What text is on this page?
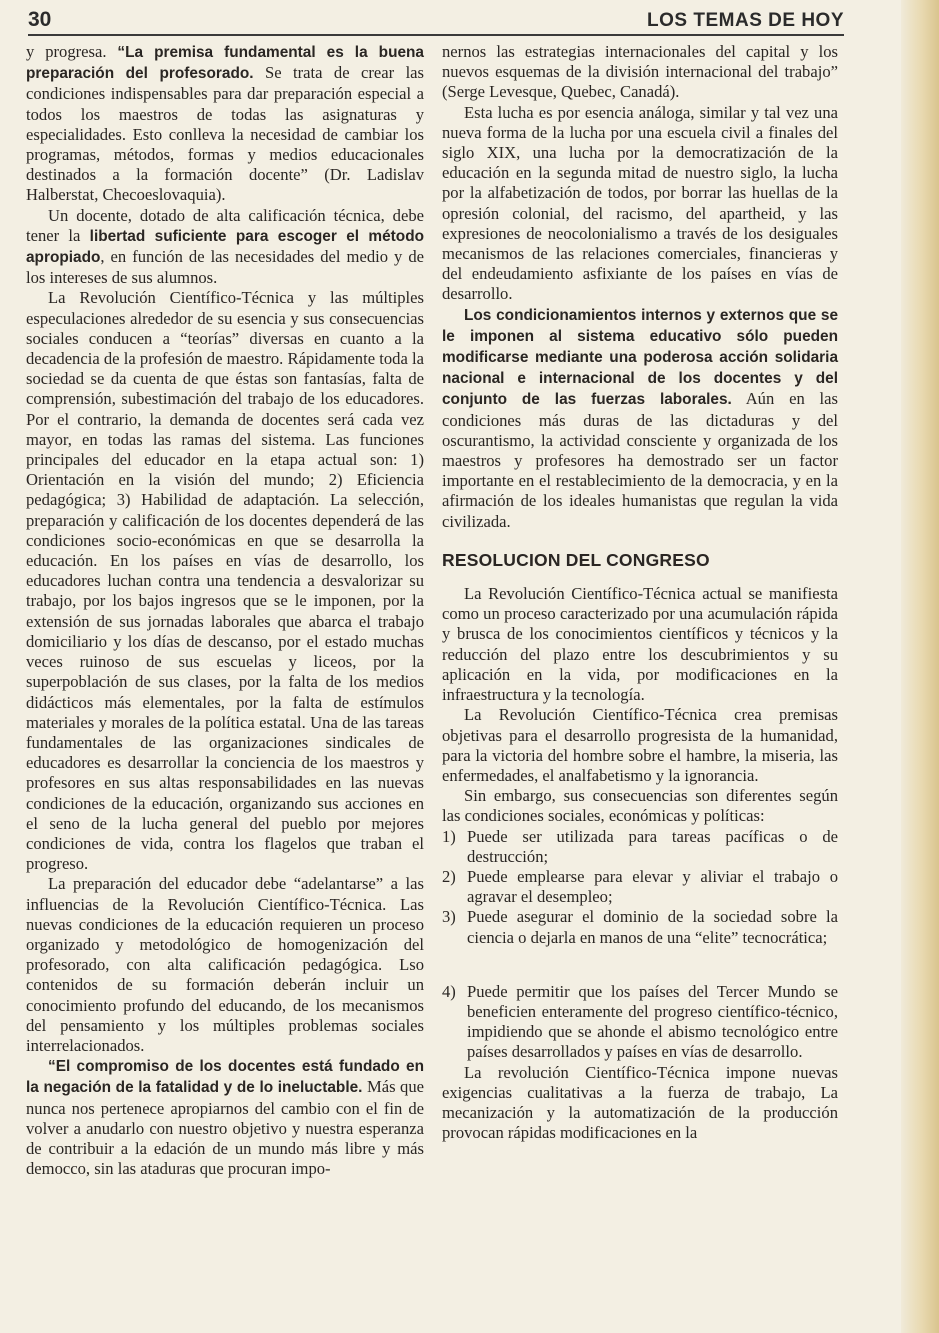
30	LOS TEMAS DE HOY

y progresa. “La premisa fundamental es la buena preparación del profesorado. Se trata de crear las condiciones indispensables para dar preparación especial a todos los maestros de todas las asignaturas y especialidades. Esto conlleva la necesidad de cambiar los programas, métodos, formas y medios educacionales destinados a la formación docente” (Dr. Ladislav Halberstat, Checoeslovaquia).

Un docente, dotado de alta calificación técnica, debe tener la libertad suficiente para escoger el método apropiado, en función de las necesidades del medio y de los intereses de sus alumnos.

La Revolución Científico-Técnica y las múltiples especulaciones alrededor de su esencia y sus consecuencias sociales conducen a “teorías” diversas en cuanto a la decadencia de la profesión de maestro. Rápidamente toda la sociedad se da cuenta de que éstas son fantasías, falta de comprensión, subestimación del trabajo de los educadores. Por el contrario, la demanda de docentes será cada vez mayor, en todas las ramas del sistema. Las funciones principales del educador en la etapa actual son: 1) Orientación en la visión del mundo; 2) Eficiencia pedagógica; 3) Habilidad de adaptación. La selección, preparación y calificación de los docentes dependerá de las condiciones socio-económicas en que se desarrolla la educación. En los países en vías de desarrollo, los educadores luchan contra una tendencia a desvalorizar su trabajo, por los bajos ingresos que se le imponen, por la extensión de sus jornadas laborales que abarca el trabajo domiciliario y los días de descanso, por el estado muchas veces ruinoso de sus escuelas y liceos, por la superpoblación de sus clases, por la falta de los medios didácticos más elementales, por la falta de estímulos materiales y morales de la política estatal. Una de las tareas fundamentales de las organizaciones sindicales de educadores es desarrollar la conciencia de los maestros y profesores en sus altas responsabilidades en las nuevas condiciones de la educación, organizando sus acciones en el seno de la lucha general del pueblo por mejores condiciones de vida, contra los flagelos que traban el progreso.

La preparación del educador debe “adelantarse” a las influencias de la Revolución Científico-Técnica. Las nuevas condiciones de la educación requieren un proceso organizado y metodológico de homogenización del profesorado, con alta calificación pedagógica. Lso contenidos de su formación deberán incluir un conocimiento profundo del educando, de los mecanismos del pensamiento y los múltiples problemas sociales interrelacionados.

“El compromiso de los docentes está fundado en la negación de la fatalidad y de lo ineluctable. Más que nunca nos pertenece apropiarnos del cambio con el fin de volver a anudarlo con nuestro objetivo y nuestra esperanza de contribuir a la edación de un mundo más libre y más democco, sin las ataduras que procuran impo-

nernos las estrategias internacionales del capital y los nuevos esquemas de la división internacional del trabajo” (Serge Levesque, Quebec, Canadá).

Esta lucha es por esencia análoga, similar y tal vez una nueva forma de la lucha por una escuela civil a finales del siglo XIX, una lucha por la democratización de la educación en la segunda mitad de nuestro siglo, la lucha por la alfabetización de todos, por borrar las huellas de la opresión colonial, del racismo, del apartheid, y las expresiones de neocolonialismo a través de los desiguales mecanismos de las relaciones comerciales, financieras y del endeudamiento asfixiante de los países en vías de desarrollo.

Los condicionamientos internos y externos que se le imponen al sistema educativo sólo pueden modificarse mediante una poderosa acción solidaria nacional e internacional de los docentes y del conjunto de las fuerzas laborales. Aún en las condiciones más duras de las dictaduras y del oscurantismo, la actividad consciente y organizada de los maestros y profesores ha demostrado ser un factor importante en el restablecimiento de la democracia, y en la afirmación de los ideales humanistas que regulan la vida civilizada.

RESOLUCION DEL CONGRESO

La Revolución Científico-Técnica actual se manifiesta como un proceso caracterizado por una acumulación rápida y brusca de los conocimientos científicos y técnicos y la reducción del plazo entre los descubrimientos y su aplicación en la vida, por modificaciones en la infraestructura y la tecnología.

La Revolución Científico-Técnica crea premisas objetivas para el desarrollo progresista de la humanidad, para la victoria del hombre sobre el hambre, la miseria, las enfermedades, el analfabetismo y la ignorancia.

Sin embargo, sus consecuencias son diferentes según las condiciones sociales, económicas y políticas:

1) Puede ser utilizada para tareas pacíficas o de destrucción;
2) Puede emplearse para elevar y aliviar el trabajo o agravar el desempleo;
3) Puede asegurar el dominio de la sociedad sobre la ciencia o dejarla en manos de una “elite” tecnocrática;
4) Puede permitir que los países del Tercer Mundo se beneficien enteramente del progreso científico-técnico, impidiendo que se ahonde el abismo tecnológico entre países desarrollados y países en vías de desarrollo.

La revolución Científico-Técnica impone nuevas exigencias cualitativas a la fuerza de trabajo, La mecanización y la automatización de la producción provocan rápidas modificaciones en la
